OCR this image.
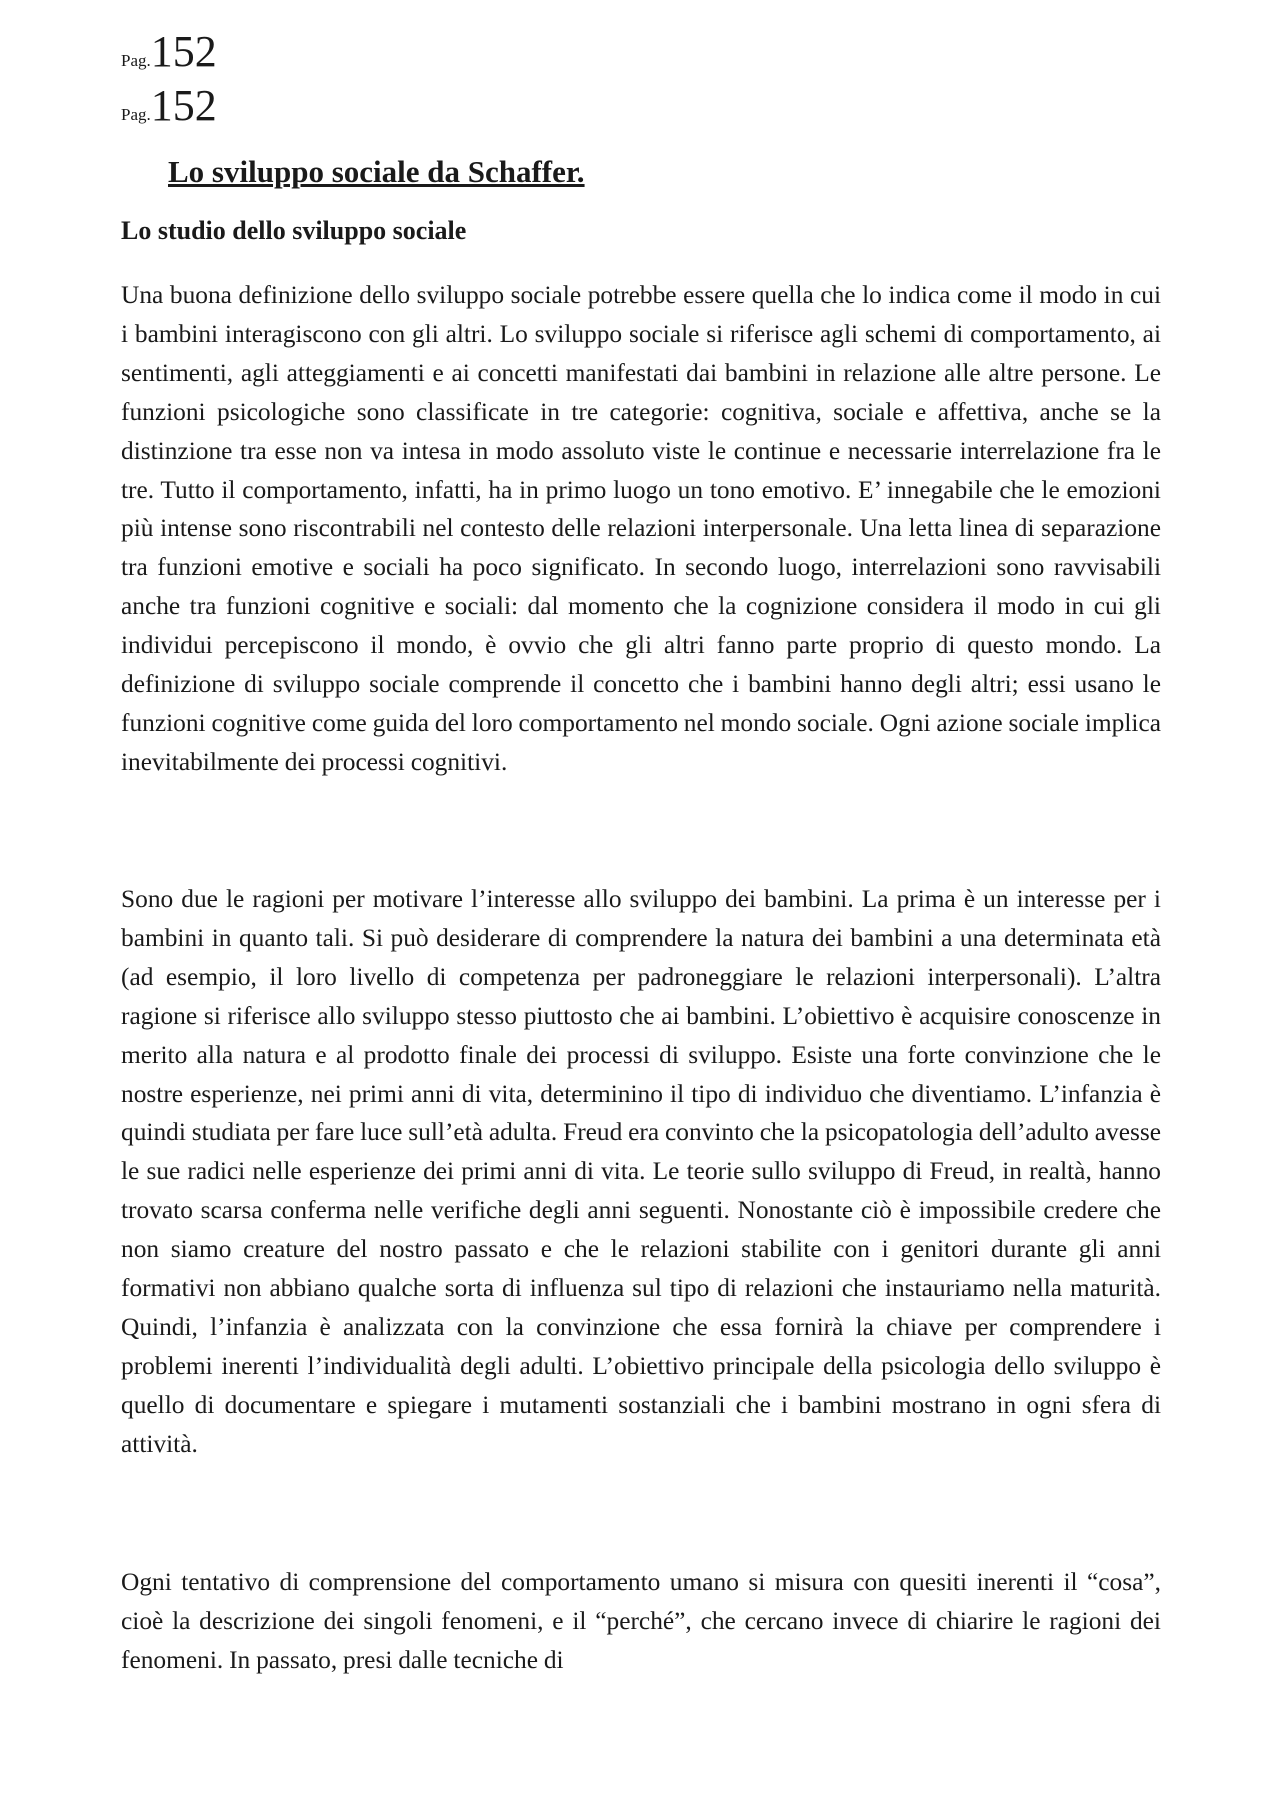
Pag.152
Pag.152
Lo sviluppo sociale da Schaffer.
Lo studio dello sviluppo sociale

Una buona definizione dello sviluppo sociale potrebbe essere quella che lo indica come il modo in cui i bambini interagiscono con gli altri. Lo sviluppo sociale si riferisce agli schemi di comportamento, ai sentimenti, agli atteggiamenti e ai concetti manifestati dai bambini in relazione alle altre persone. Le funzioni psicologiche sono classificate in tre categorie: cognitiva, sociale e affettiva, anche se la distinzione tra esse non va intesa in modo assoluto viste le continue e necessarie interrelazione fra le tre. Tutto il comportamento, infatti, ha in primo luogo un tono emotivo. E’ innegabile che le emozioni più intense sono riscontrabili nel contesto delle relazioni interpersonale. Una letta linea di separazione tra funzioni emotive e sociali ha poco significato. In secondo luogo, interrelazioni sono ravvisabili anche tra funzioni cognitive e sociali: dal momento che la cognizione considera il modo in cui gli individui percepiscono il mondo, è ovvio che gli altri fanno parte proprio di questo mondo. La definizione di sviluppo sociale comprende il concetto che i bambini hanno degli altri; essi usano le funzioni cognitive come guida del loro comportamento nel mondo sociale. Ogni azione sociale implica inevitabilmente dei processi cognitivi.

Sono due le ragioni per motivare l’interesse allo sviluppo dei bambini. La prima è un interesse per i bambini in quanto tali. Si può desiderare di comprendere la natura dei bambini a una determinata età (ad esempio, il loro livello di competenza per padroneggiare le relazioni interpersonali). L’altra ragione si riferisce allo sviluppo stesso piuttosto che ai bambini. L’obiettivo è acquisire conoscenze in merito alla natura e al prodotto finale dei processi di sviluppo. Esiste una forte convinzione che le nostre esperienze, nei primi anni di vita, determinino il tipo di individuo che diventiamo. L’infanzia è quindi studiata per fare luce sull’età adulta. Freud era convinto che la psicopatologia dell’adulto avesse le sue radici nelle esperienze dei primi anni di vita. Le teorie sullo sviluppo di Freud, in realtà, hanno trovato scarsa conferma nelle verifiche degli anni seguenti. Nonostante ciò è impossibile credere che non siamo creature del nostro passato e che le relazioni stabilite con i genitori durante gli anni formativi non abbiano qualche sorta di influenza sul tipo di relazioni che instauriamo nella maturità. Quindi, l’infanzia è analizzata con la convinzione che essa fornirà la chiave per comprendere i problemi inerenti l’individualità degli adulti. L’obiettivo principale della psicologia dello sviluppo è quello di documentare e spiegare i mutamenti sostanziali che i bambini mostrano in ogni sfera di attività.

Ogni tentativo di comprensione del comportamento umano si misura con quesiti inerenti il “cosa”, cioè la descrizione dei singoli fenomeni, e il “perché”, che cercano invece di chiarire le ragioni dei fenomeni. In passato, presi dalle tecniche di
